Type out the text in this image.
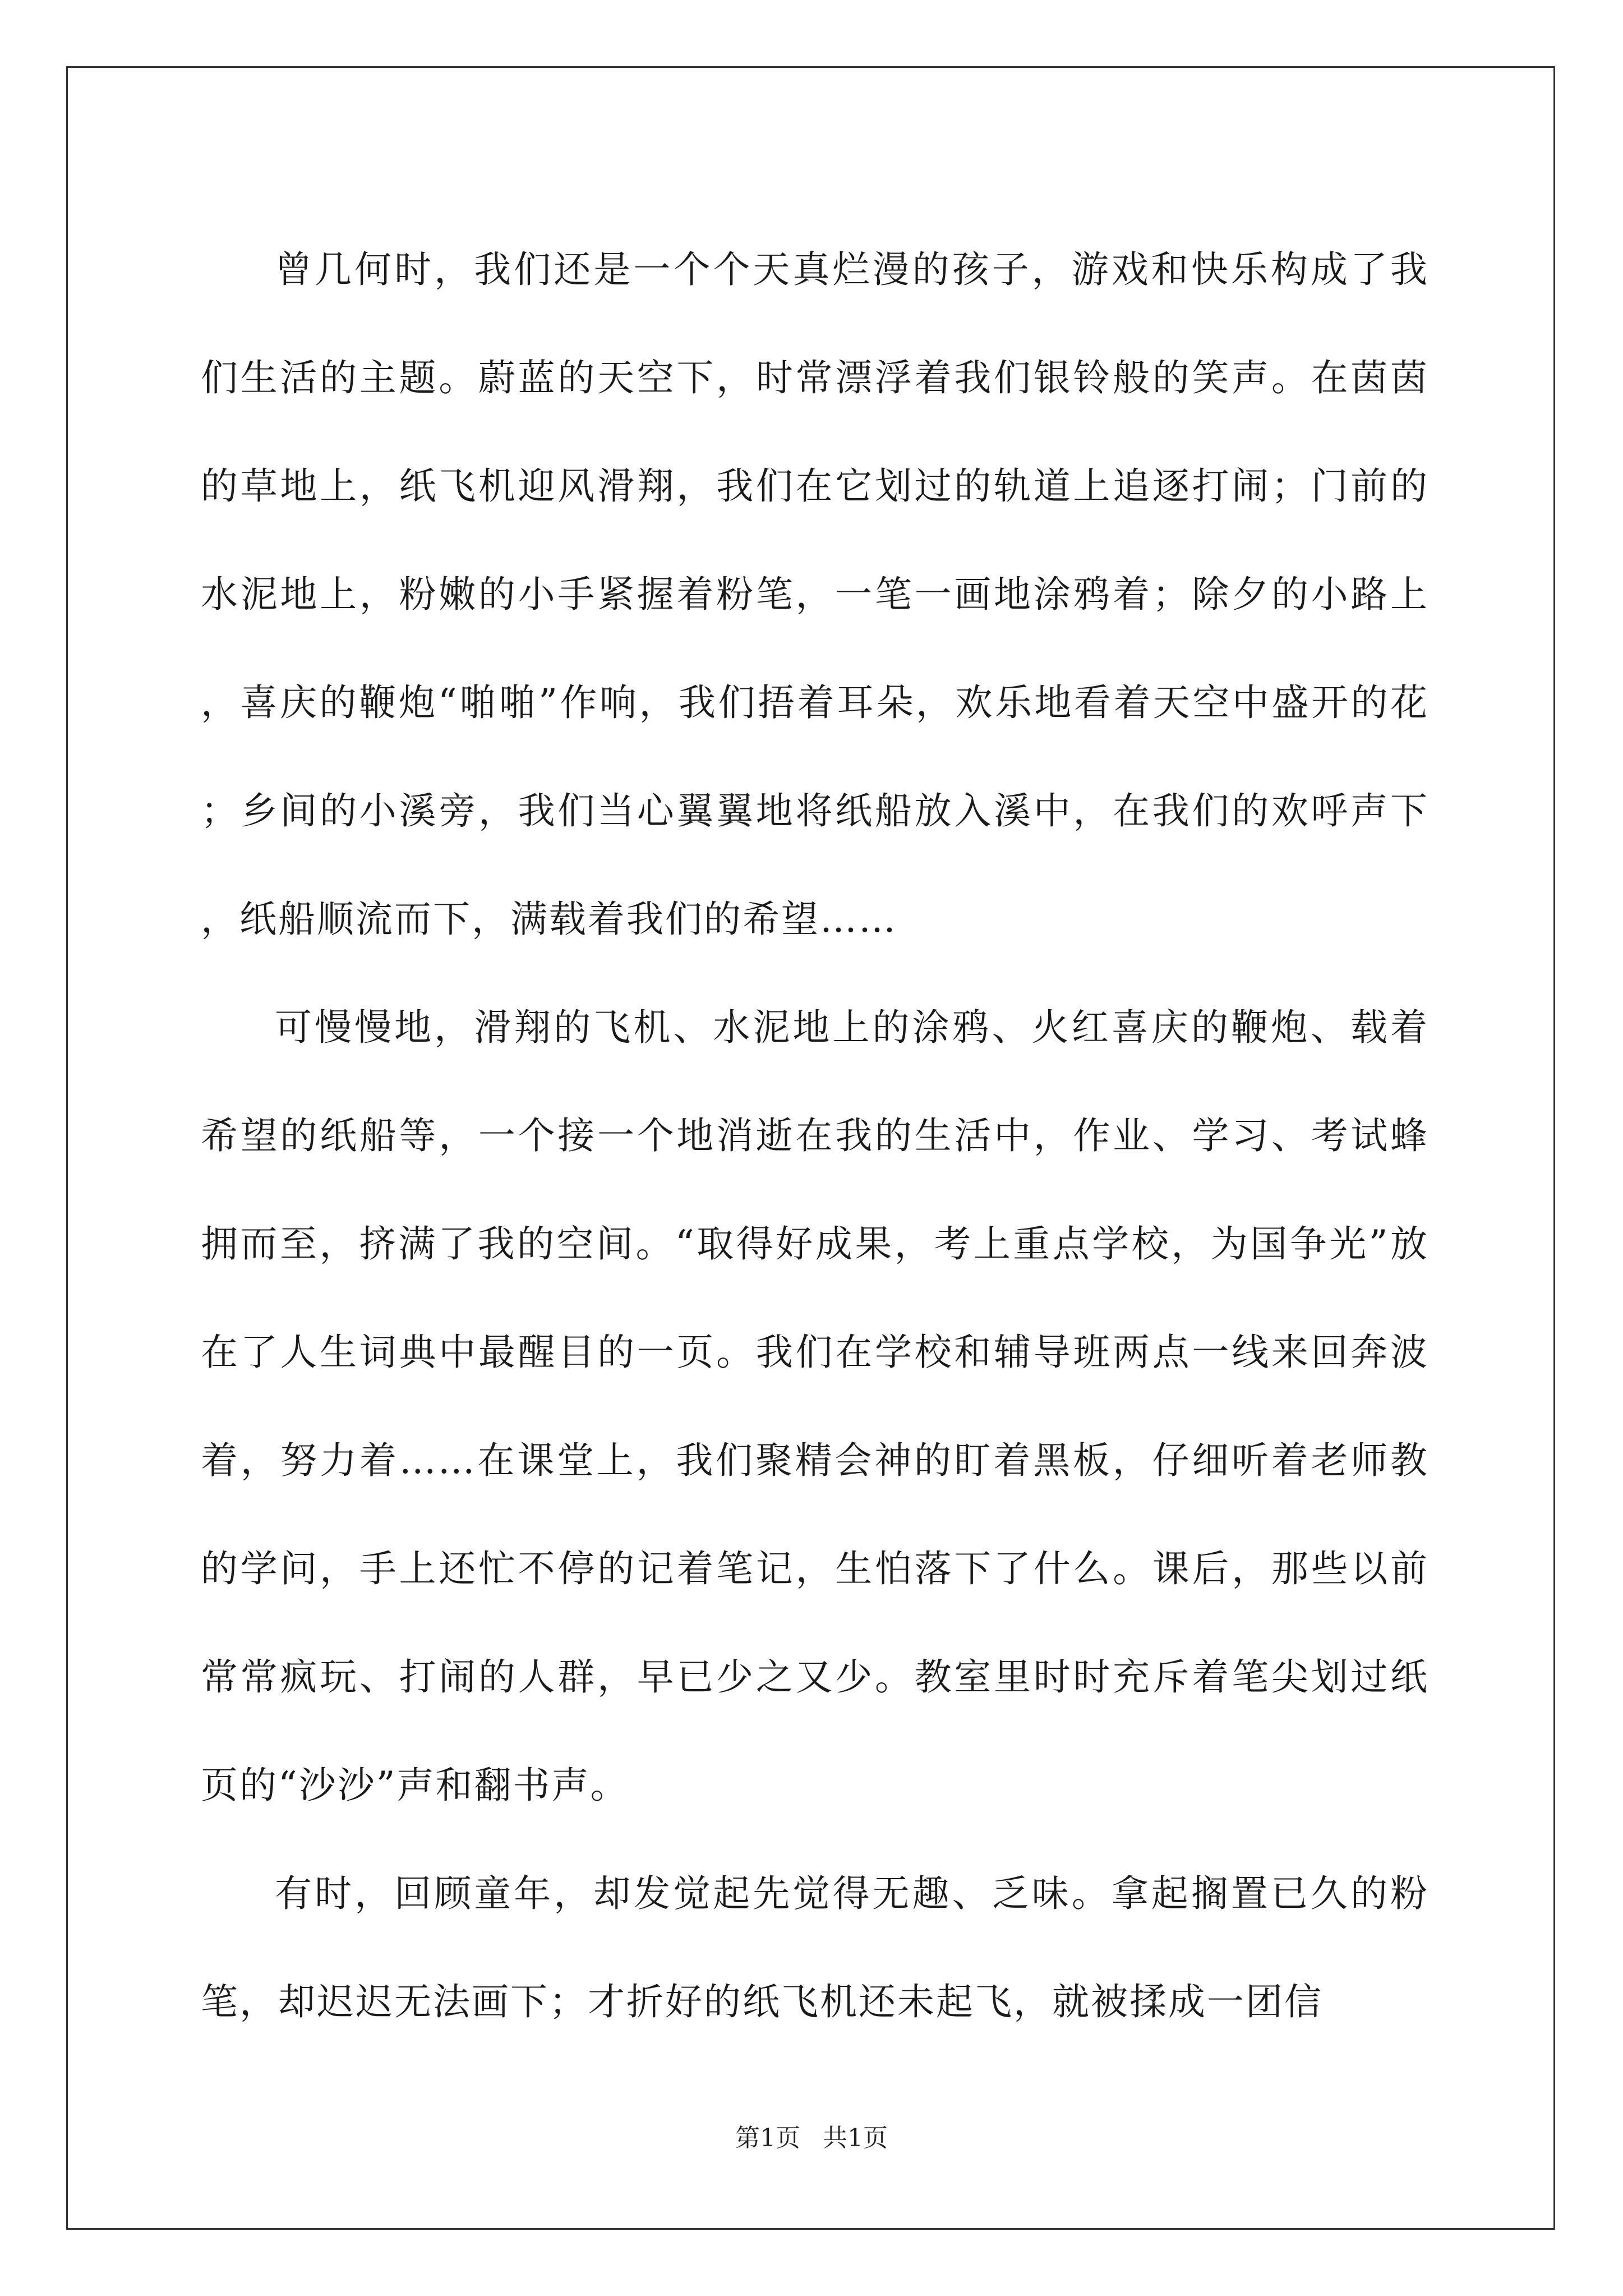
曾几何时，我们还是一个个天真烂漫的孩子，游戏和快乐构成了我们生活的主题。蔚蓝的天空下，时常漂浮着我们银铃般的笑声。在茵茵的草地上，纸飞机迎风滑翔，我们在它划过的轨道上追逐打闹；门前的水泥地上，粉嫩的小手紧握着粉笔，一笔一画地涂鸦着；除夕的小路上，喜庆的鞭炮“啪啪”作响，我们捂着耳朵，欢乐地看着天空中盛开的花；乡间的小溪旁，我们当心翼翼地将纸船放入溪中，在我们的欢呼声下，纸船顺流而下，满载着我们的希望……

可慢慢地，滑翔的飞机、水泥地上的涂鸦、火红喜庆的鞭炮、载着希望的纸船等，一个接一个地消逝在我的生活中，作业、学习、考试蜂拥而至，挤满了我的空间。“取得好成果，考上重点学校，为国争光”放在了人生词典中最醒目的一页。我们在学校和辅导班两点一线来回奔波着，努力着……在课堂上，我们聚精会神的盯着黑板，仔细听着老师教的学问，手上还忙不停的记着笔记，生怕落下了什么。课后，那些以前常常疯玩、打闹的人群，早已少之又少。教室里时时充斥着笔尖划过纸页的“沙沙”声和翻书声。

有时，回顾童年，却发觉起先觉得无趣、乏味。拿起搁置已久的粉笔，却迟迟无法画下；才折好的纸飞机还未起飞，就被揉成一团信

第1页 共1页
